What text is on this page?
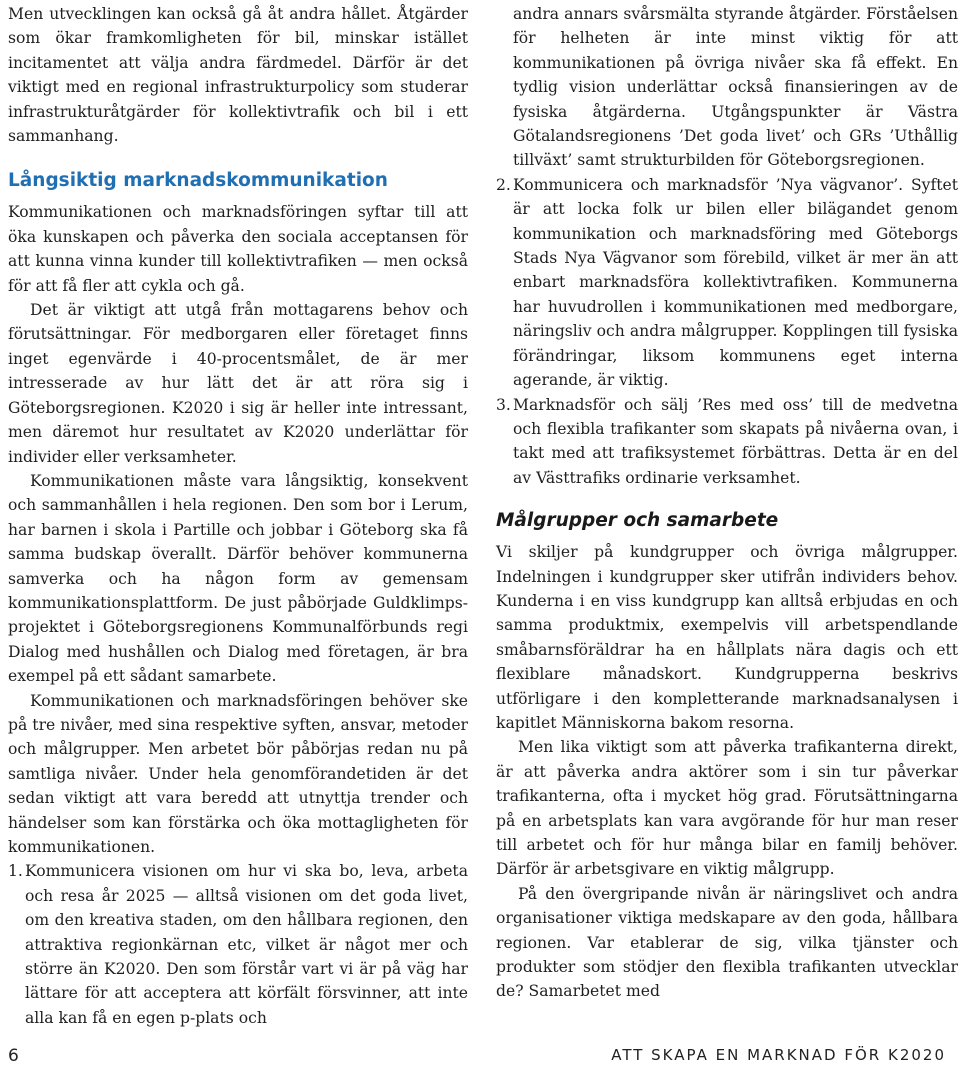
Men utvecklingen kan också gå åt andra hållet. Åtgärder som ökar framkomligheten för bil, minskar istället incitamentet att välja andra färdmedel. Därför är det viktigt med en regional infrastrukturpolicy som studerar infrastrukturåtgärder för kollektivtrafik och bil i ett sammanhang.

Långsiktig marknadskommunikation

Kommunikationen och marknadsföringen syftar till att öka kunskapen och påverka den sociala acceptansen för att kunna vinna kunder till kollektivtrafiken — men också för att få fler att cykla och gå.

Det är viktigt att utgå från mottagarens behov och förutsättningar. För medborgaren eller företaget finns inget egenvärde i 40-procentsmålet, de är mer intresserade av hur lätt det är att röra sig i Göteborgsregionen. K2020 i sig är heller inte intressant, men däremot hur resultatet av K2020 underlättar för individer eller verksamheter.

Kommunikationen måste vara långsiktig, konsekvent och sammanhållen i hela regionen. Den som bor i Lerum, har barnen i skola i Partille och jobbar i Göteborg ska få samma budskap överallt. Därför behöver kommunerna samverka och ha någon form av gemensam kommunikationsplattform. De just påbörjade Guldklimps-projektet i Göteborgsregionens Kommunalförbunds regi Dialog med hushållen och Dialog med företagen, är bra exempel på ett sådant samarbete.

Kommunikationen och marknadsföringen behöver ske på tre nivåer, med sina respektive syften, ansvar, metoder och målgrupper. Men arbetet bör påbörjas redan nu på samtliga nivåer. Under hela genomförandetiden är det sedan viktigt att vara beredd att utnyttja trender och händelser som kan förstärka och öka mottagligheten för kommunikationen.

1. Kommunicera visionen om hur vi ska bo, leva, arbeta och resa år 2025 — alltså visionen om det goda livet, om den kreativa staden, om den hållbara regionen, den attraktiva regionkärnan etc, vilket är något mer och större än K2020. Den som förstår vart vi är på väg har lättare för att acceptera att körfält försvinner, att inte alla kan få en egen p-plats och
andra annars svårsmälta styrande åtgärder. Förståelsen för helheten är inte minst viktig för att kommunikationen på övriga nivåer ska få effekt. En tydlig vision underlättar också finansieringen av de fysiska åtgärderna. Utgångspunkter är Västra Götalandsregionens ’Det goda livet’ och GRs ’Uthållig tillväxt’ samt strukturbilden för Göteborgsregionen.
2. Kommunicera och marknadsför ’Nya vägvanor’. Syftet är att locka folk ur bilen eller bilägandet genom kommunikation och marknadsföring med Göteborgs Stads Nya Vägvanor som förebild, vilket är mer än att enbart marknadsföra kollektivtrafiken. Kommunerna har huvudrollen i kommunikationen med medborgare, näringsliv och andra målgrupper. Kopplingen till fysiska förändringar, liksom kommunens eget interna agerande, är viktig.
3. Marknadsför och sälj ’Res med oss’ till de medvetna och flexibla trafikanter som skapats på nivåerna ovan, i takt med att trafiksystemet förbättras. Detta är en del av Västtrafiks ordinarie verksamhet.
Målgrupper och samarbete

Vi skiljer på kundgrupper och övriga målgrupper. Indelningen i kundgrupper sker utifrån individers behov. Kunderna i en viss kundgrupp kan alltså erbjudas en och samma produktmix, exempelvis vill arbetspendlande småbarnsföräldrar ha en hållplats nära dagis och ett flexiblare månadskort. Kundgrupperna beskrivs utförligare i den kompletterande marknadsanalysen i kapitlet Människorna bakom resorna.

Men lika viktigt som att påverka trafikanterna direkt, är att påverka andra aktörer som i sin tur påverkar trafikanterna, ofta i mycket hög grad. Förutsättningarna på en arbetsplats kan vara avgörande för hur man reser till arbetet och för hur många bilar en familj behöver. Därför är arbetsgivare en viktig målgrupp.

På den övergripande nivån är näringslivet och andra organisationer viktiga medskapare av den goda, hållbara regionen. Var etablerar de sig, vilka tjänster och produkter som stödjer den flexibla trafikanten utvecklar de? Samarbetet med

6	ATT SKAPA EN MARKNAD FÖR K2020
